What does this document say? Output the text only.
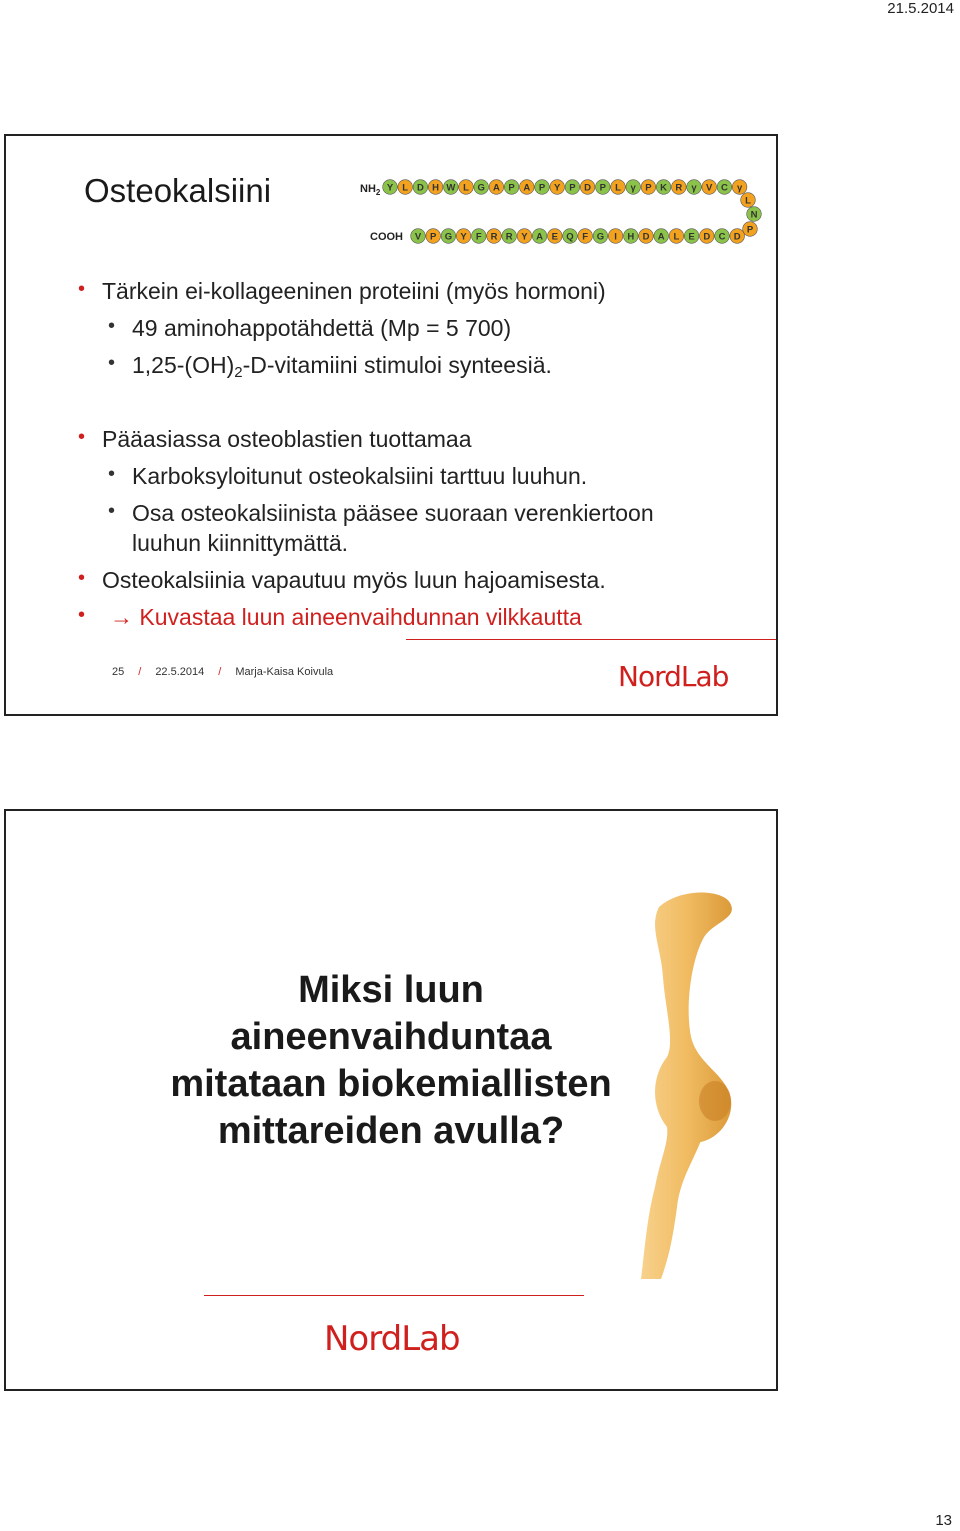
21.5.2014
Osteokalsiini	$NH_2$
COOH
Y L D H W L G A P A P Y P D P L γ P K R γ V C γ
L
N
P
V P G Y F R R Y A E Q F G I H D A L E D C D
• Tärkein ei-kollageeninen proteiini (myös hormoni)
• 49 aminohappotähdettä (Mp = 5 700)
• $1,25-(OH)_2-D$-vitamiini stimuloi synteesiä.
• Pääasiassa osteoblastien tuottamaa
• Karboksyloitunut osteokalsiini tarttuu luuhun.
• Osa osteokalsiinista pääsee suoraan verenkiertoon
luuhun kiinnittymättä.
• Osteokalsiinia vapautuu myös luun hajoamisesta.
• → Kuvastaa luun aineenvaihdunnan vilkkautta
25 / 22.5.2014 / Marja-Kaisa Koivula	NordLab
Miksi luun
aineenvaihduntaa
mitataan biokemiallisten
mittareiden avulla?
NordLab
13
